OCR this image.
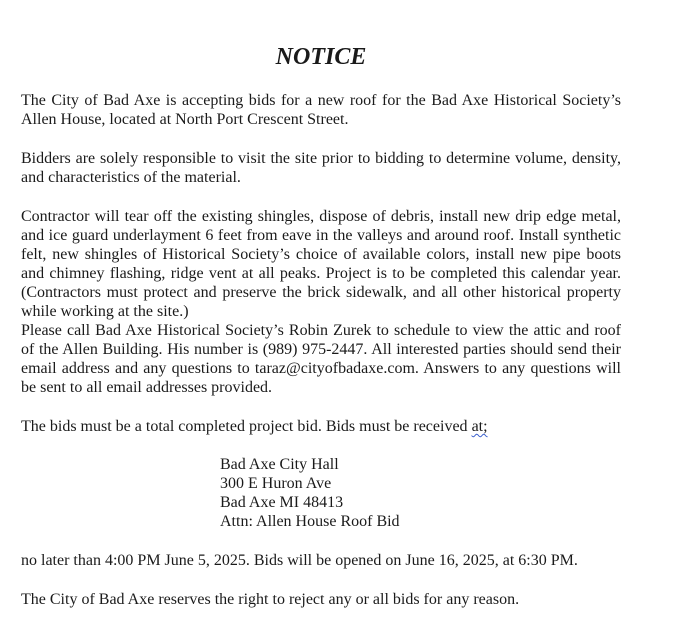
NOTICE

The City of Bad Axe is accepting bids for a new roof for the Bad Axe Historical Society’s Allen House, located at North Port Crescent Street.

Bidders are solely responsible to visit the site prior to bidding to determine volume, density, and characteristics of the material.

Contractor will tear off the existing shingles, dispose of debris, install new drip edge metal, and ice guard underlayment 6 feet from eave in the valleys and around roof. Install synthetic felt, new shingles of Historical Society’s choice of available colors, install new pipe boots and chimney flashing, ridge vent at all peaks. Project is to be completed this calendar year. (Contractors must protect and preserve the brick sidewalk, and all other historical property while working at the site.)

Please call Bad Axe Historical Society’s Robin Zurek to schedule to view the attic and roof of the Allen Building. His number is (989) 975-2447. All interested parties should send their email address and any questions to taraz@cityofbadaxe.com. Answers to any questions will be sent to all email addresses provided.

The bids must be a total completed project bid. Bids must be received at;

Bad Axe City Hall
300 E Huron Ave
Bad Axe MI 48413
Attn: Allen House Roof Bid

no later than 4:00 PM June 5, 2025. Bids will be opened on June 16, 2025, at 6:30 PM.

The City of Bad Axe reserves the right to reject any or all bids for any reason.
